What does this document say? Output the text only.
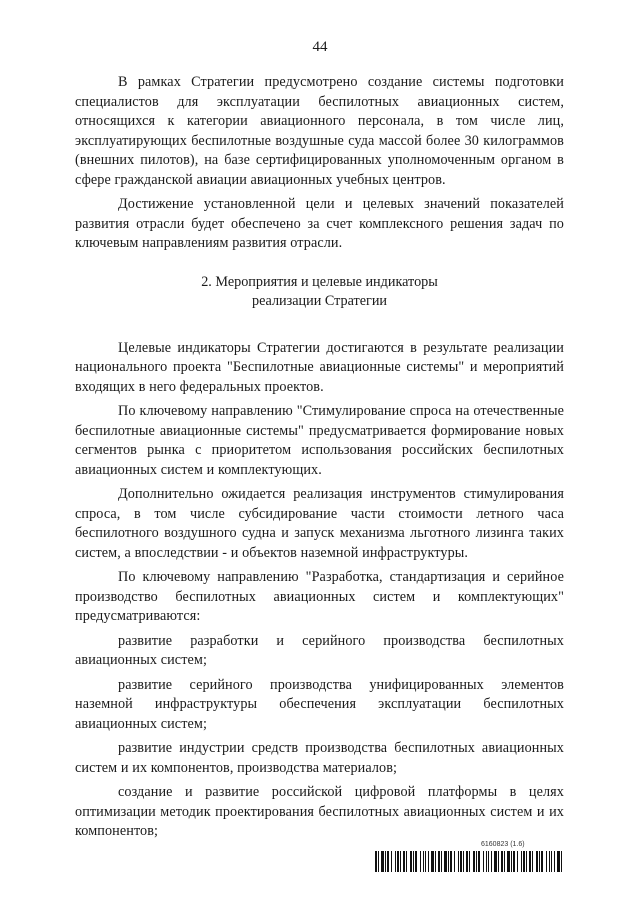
44

В рамках Стратегии предусмотрено создание системы подготовки специалистов для эксплуатации беспилотных авиационных систем, относящихся к категории авиационного персонала, в том числе лиц, эксплуатирующих беспилотные воздушные суда массой более 30 килограммов (внешних пилотов), на базе сертифицированных уполномоченным органом в сфере гражданской авиации авиационных учебных центров.

Достижение установленной цели и целевых значений показателей развития отрасли будет обеспечено за счет комплексного решения задач по ключевым направлениям развития отрасли.

2. Мероприятия и целевые индикаторы
реализации Стратегии

Целевые индикаторы Стратегии достигаются в результате реализации национального проекта "Беспилотные авиационные системы" и мероприятий входящих в него федеральных проектов.

По ключевому направлению "Стимулирование спроса на отечественные беспилотные авиационные системы" предусматривается формирование новых сегментов рынка с приоритетом использования российских беспилотных авиационных систем и комплектующих.

Дополнительно ожидается реализация инструментов стимулирования спроса, в том числе субсидирование части стоимости летного часа беспилотного воздушного судна и запуск механизма льготного лизинга таких систем, а впоследствии - и объектов наземной инфраструктуры.

По ключевому направлению "Разработка, стандартизация и серийное производство беспилотных авиационных систем и комплектующих" предусматриваются:

развитие разработки и серийного производства беспилотных авиационных систем;

развитие серийного производства унифицированных элементов наземной инфраструктуры обеспечения эксплуатации беспилотных авиационных систем;

развитие индустрии средств производства беспилотных авиационных систем и их компонентов, производства материалов;

создание и развитие российской цифровой платформы в целях оптимизации методик проектирования беспилотных авиационных систем и их компонентов;

6160823 (1.6)
